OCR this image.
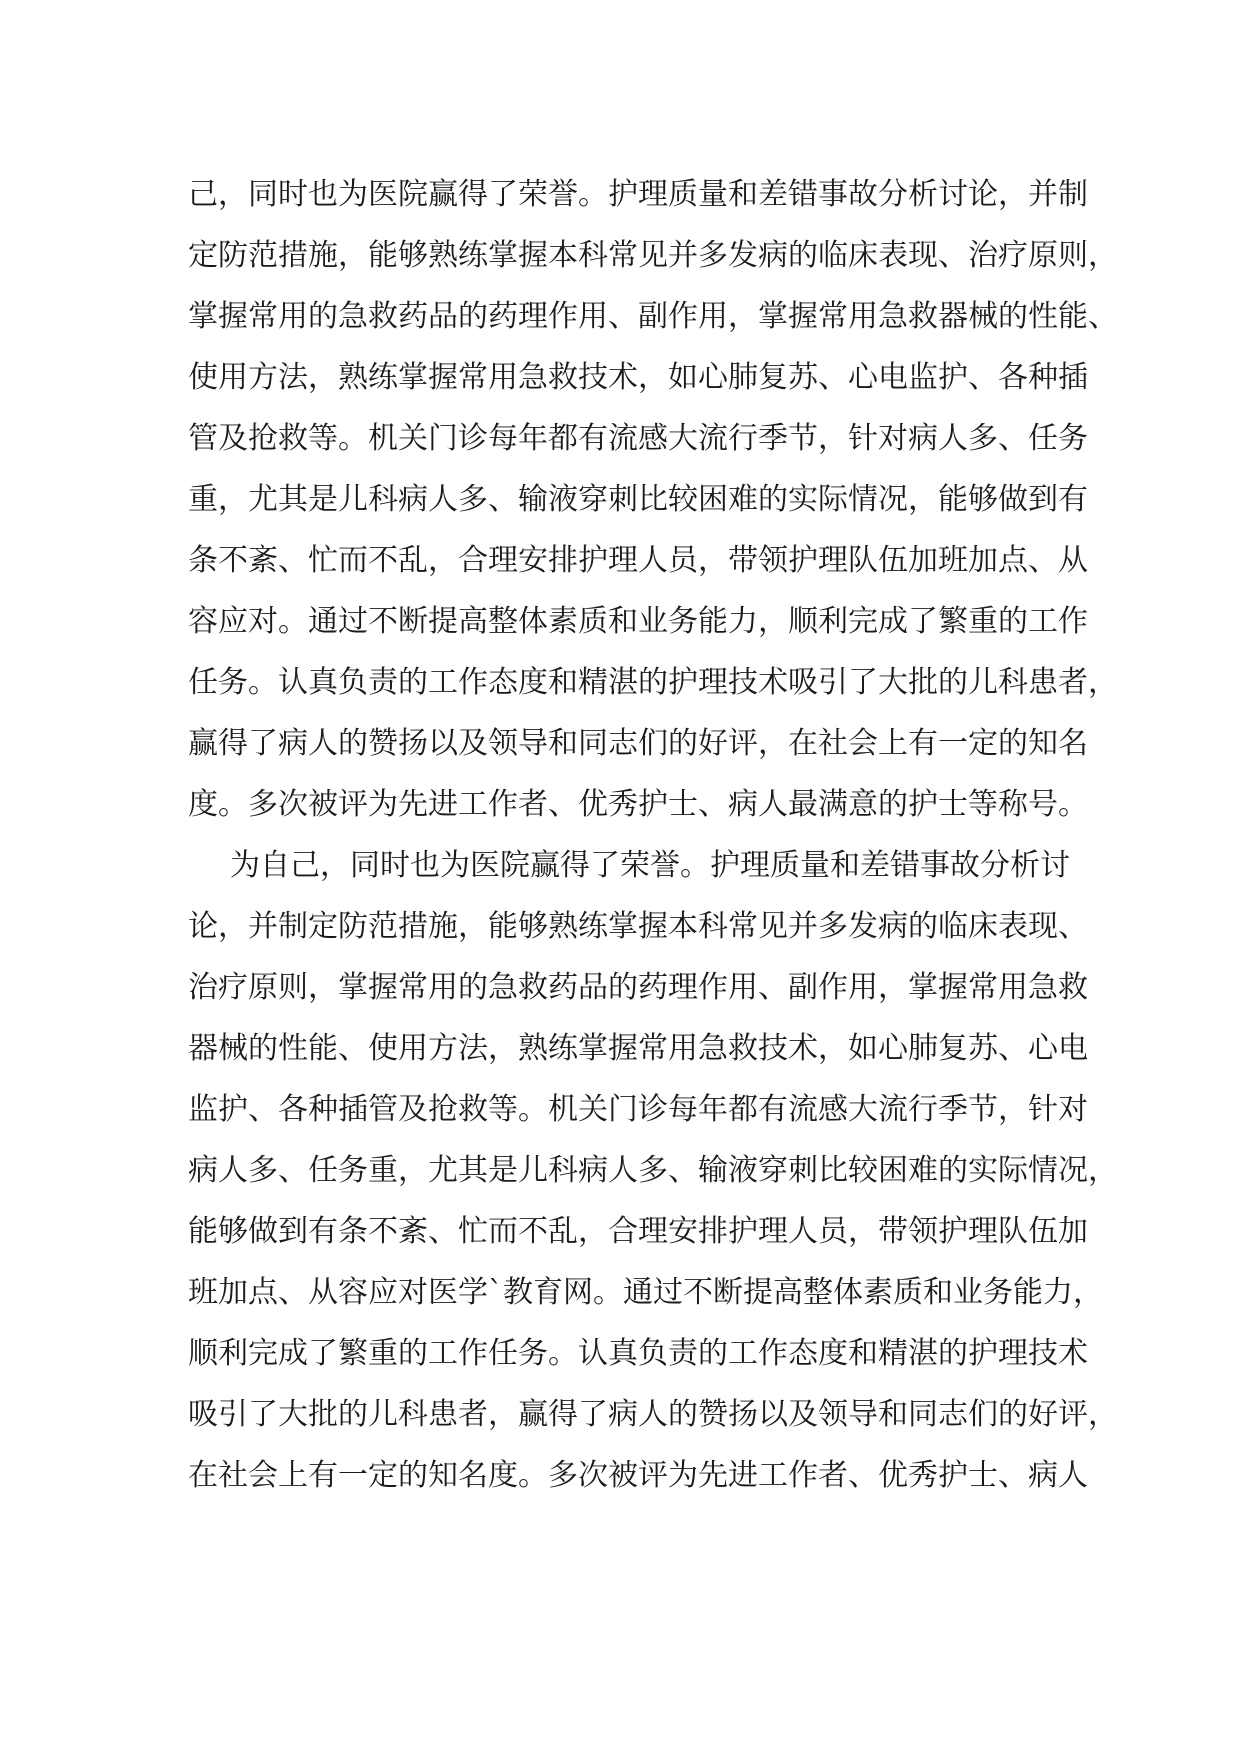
己，同时也为医院赢得了荣誉。护理质量和差错事故分析讨论，并制
定防范措施，能够熟练掌握本科常见并多发病的临床表现、治疗原则，
掌握常用的急救药品的药理作用、副作用，掌握常用急救器械的性能、
使用方法，熟练掌握常用急救技术，如心肺复苏、心电监护、各种插
管及抢救等。机关门诊每年都有流感大流行季节，针对病人多、任务
重，尤其是儿科病人多、输液穿刺比较困难的实际情况，能够做到有
条不紊、忙而不乱，合理安排护理人员，带领护理队伍加班加点、从
容应对。通过不断提高整体素质和业务能力，顺利完成了繁重的工作
任务。认真负责的工作态度和精湛的护理技术吸引了大批的儿科患者，
赢得了病人的赞扬以及领导和同志们的好评，在社会上有一定的知名
度。多次被评为先进工作者、优秀护士、病人最满意的护士等称号。
为自己，同时也为医院赢得了荣誉。护理质量和差错事故分析讨
论，并制定防范措施，能够熟练掌握本科常见并多发病的临床表现、
治疗原则，掌握常用的急救药品的药理作用、副作用，掌握常用急救
器械的性能、使用方法，熟练掌握常用急救技术，如心肺复苏、心电
监护、各种插管及抢救等。机关门诊每年都有流感大流行季节，针对
病人多、任务重，尤其是儿科病人多、输液穿刺比较困难的实际情况，
能够做到有条不紊、忙而不乱，合理安排护理人员，带领护理队伍加
班加点、从容应对医学`教育网。通过不断提高整体素质和业务能力，
顺利完成了繁重的工作任务。认真负责的工作态度和精湛的护理技术
吸引了大批的儿科患者，赢得了病人的赞扬以及领导和同志们的好评，
在社会上有一定的知名度。多次被评为先进工作者、优秀护士、病人
